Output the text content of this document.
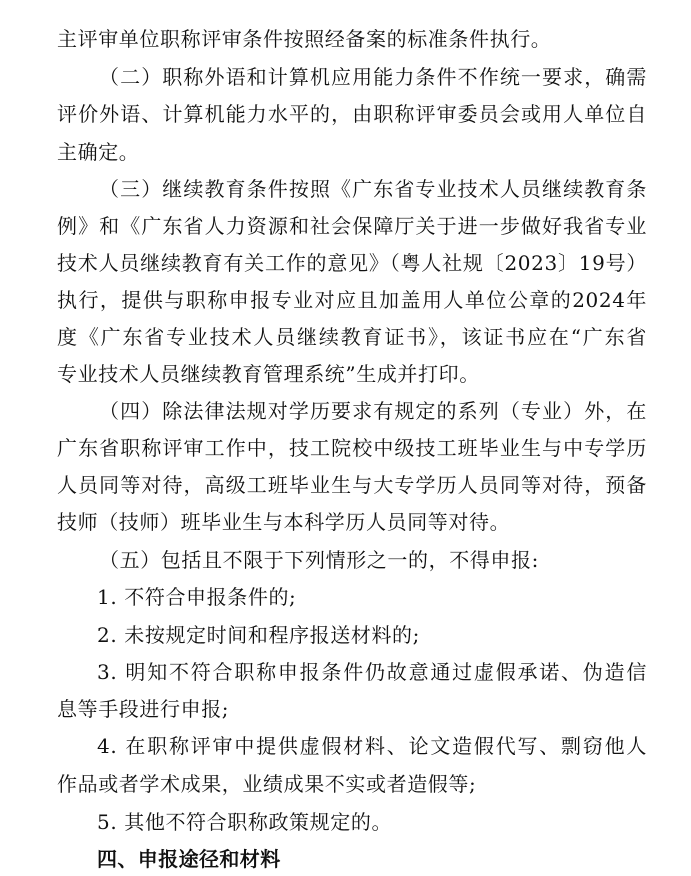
主评审单位职称评审条件按照经备案的标准条件执行。
（二）职称外语和计算机应用能力条件不作统一要求，确需
评价外语、计算机能力水平的，由职称评审委员会或用人单位自
主确定。
（三）继续教育条件按照《广东省专业技术人员继续教育条
例》和《广东省人力资源和社会保障厅关于进一步做好我省专业
技术人员继续教育有关工作的意见》（粤人社规〔2023〕19号）
执行，提供与职称申报专业对应且加盖用人单位公章的2024年
度《广东省专业技术人员继续教育证书》，该证书应在“广东省
专业技术人员继续教育管理系统”生成并打印。
（四）除法律法规对学历要求有规定的系列（专业）外，在
广东省职称评审工作中，技工院校中级技工班毕业生与中专学历
人员同等对待，高级工班毕业生与大专学历人员同等对待，预备
技师（技师）班毕业生与本科学历人员同等对待。
（五）包括且不限于下列情形之一的，不得申报:
1. 不符合申报条件的;
2. 未按规定时间和程序报送材料的;
3. 明知不符合职称申报条件仍故意通过虚假承诺、伪造信
息等手段进行申报;
4. 在职称评审中提供虚假材料、论文造假代写、剽窃他人
作品或者学术成果，业绩成果不实或者造假等;
5. 其他不符合职称政策规定的。
四、申报途径和材料
